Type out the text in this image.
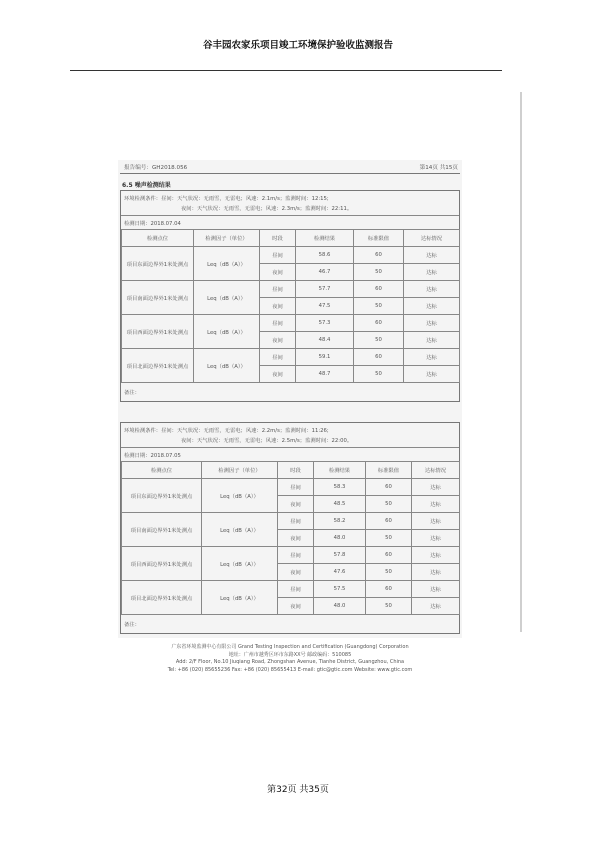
谷丰园农家乐项目竣工环境保护验收监测报告
报告编号：GH2018.056	第14页 共15页
6.5 噪声检测结果
环境检测条件：昼间：天气状况：无雨雪，无雷电；风速：2.1m/s；监测时间：12:15;
夜间：天气状况：无雨雪，无雷电；风速：2.3m/s；监测时间：22:11。
检测日期：2018.07.04
检测点位	检测因子（单位）	时段	检测结果	标准限值	达标情况
项目东面边界外1米处测点	Leq（dB（A））	昼间	58.6	60	达标
		夜间	46.7	50	达标
项目南面边界外1米处测点	Leq（dB（A））	昼间	57.7	60	达标
		夜间	47.5	50	达标
项目西面边界外1米处测点	Leq（dB（A））	昼间	57.3	60	达标
		夜间	48.4	50	达标
项目北面边界外1米处测点	Leq（dB（A））	昼间	59.1	60	达标
		夜间	48.7	50	达标
备注：
环境检测条件：昼间：天气状况：无雨雪，无雷电；风速：2.2m/s；监测时间：11:26;
夜间：天气状况：无雨雪，无雷电；风速：2.5m/s；监测时间：22:00。
检测日期：2018.07.05
检测点位	检测因子（单位）	时段	检测结果	标准限值	达标情况
项目东面边界外1米处测点	Leq（dB（A））	昼间	58.3	60	达标
		夜间	48.5	50	达标
项目南面边界外1米处测点	Leq（dB（A））	昼间	58.2	60	达标
		夜间	48.0	50	达标
项目西面边界外1米处测点	Leq（dB（A））	昼间	57.8	60	达标
		夜间	47.6	50	达标
项目北面边界外1米处测点	Leq（dB（A））	昼间	57.5	60	达标
		夜间	48.0	50	达标
备注：
广东省环境监测中心有限公司 Grand Testing Inspection and Certification (Guangdong) Corporation
地址：广州市越秀区环市东路XX号 邮政编码：510085
Add: 2/F Floor, No.10 Jiuqiang Road, Zhongshan Avenue, Tianhe District, Guangzhou, China
Tel: +86 (020) 85655236 Fax: +86 (020) 85655413 E-mail: gtic@gtic.com Website: www.gtic.com
第32页 共35页
